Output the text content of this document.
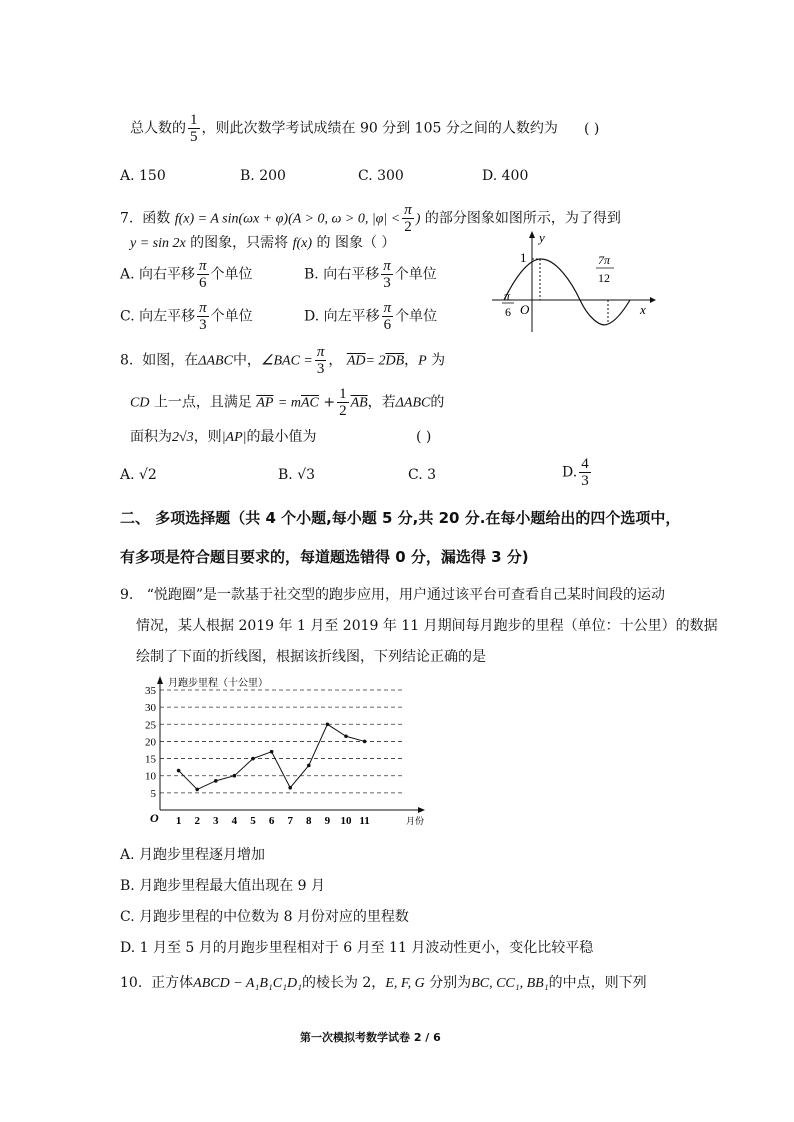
总人数的 $\frac{1}{5}$ ，则此次数学考试成绩在 90 分到 105 分之间的人数约为 ( )
A. 150	B. 200	C. 300	D. 400
7. 函数 f(x) = A sin(ωx + φ)(A > 0, ω > 0, $|\varphi| < \frac{\pi}{2}$ ) 的部分图象如图所示，为了得到
y = sin 2x 的图象，只需将 f(x) 的 图象（ ）
A. 向右平移 $\frac{\pi}{6}$ 个单位	B. 向右平移 $\frac{\pi}{3}$ 个单位
C. 向左平移 $\frac{\pi}{3}$ 个单位	D. 向左平移 $\frac{\pi}{6}$ 个单位
y
x
1
O
− π
6
7π
12
8. 如图，在ΔABC中，∠BAC = $\frac{\pi}{3}$ ， $\overline{AD}= 2\overline{DB}$，P 为
CD 上一点，且满足 $\overline{AP} = m\overline{AC} + \frac{1}{2} \overline{AB}$，若ΔABC的
面积为2√3，则|AP|的最小值为	( )
A. √2	B. √3	C. 3	D. $\frac{4}{3}$
二、 多项选择题（共 4 个小题,每小题 5 分,共 20 分.在每小题给出的四个选项中，
有多项是符合题目要求的，每道题选错得 0 分，漏选得 3 分)
9. “悦跑圈”是一款基于社交型的跑步应用，用户通过该平台可查看自己某时间段的运动
情况，某人根据 2019 年 1 月至 2019 年 11 月期间每月跑步的里程（单位：十公里）的数据
绘制了下面的折线图，根据该折线图，下列结论正确的是
5
10
15
20
25
30
35
1 2 3 4 5 6 7 8 9 10 11
月跑步里程（十公里）
O	月份
A. 月跑步里程逐月增加
B. 月跑步里程最大值出现在 9 月
C. 月跑步里程的中位数为 8 月份对应的里程数
D. 1 月至 5 月的月跑步里程相对于 6 月至 11 月波动性更小，变化比较平稳
10. 正方体ABCD − A₁B₁C₁D₁的棱长为 2，E, F, G 分别为BC, CC₁, BB₁的中点，则下列
第一次模拟考数学试卷 2 / 6
